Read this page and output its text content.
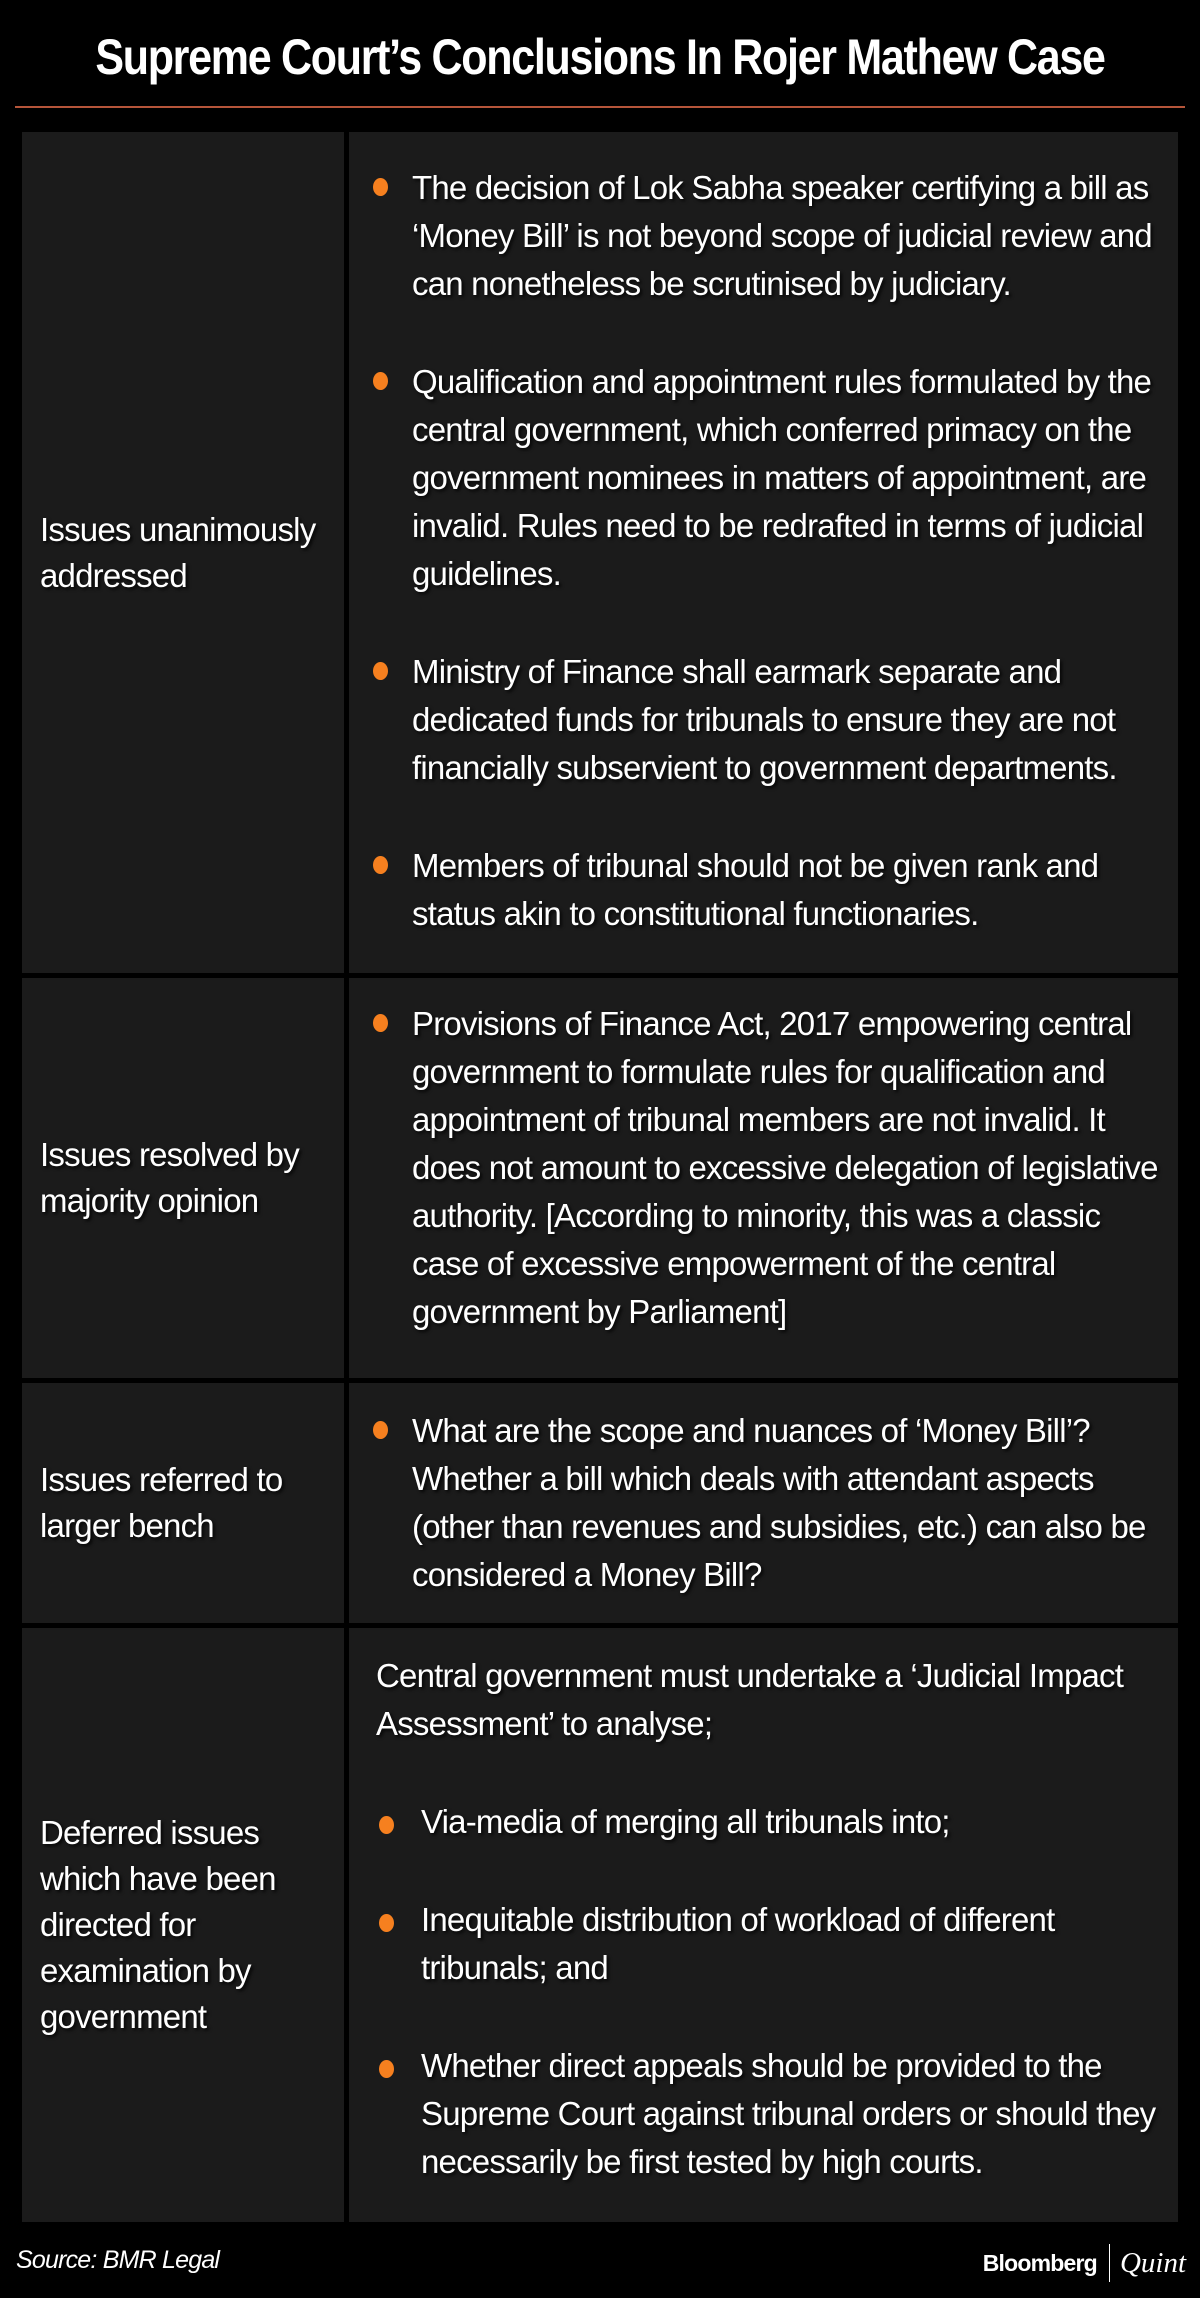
Supreme Court’s Conclusions In Rojer Mathew Case
Issues unanimously addressed
The decision of Lok Sabha speaker certifying a bill as ‘Money Bill’ is not beyond scope of judicial review and can nonetheless be scrutinised by judiciary.
Qualification and appointment rules formulated by the central government, which conferred primacy on the government nominees in matters of appointment, are invalid. Rules need to be redrafted in terms of judicial guidelines.
Ministry of Finance shall earmark separate and dedicated funds for tribunals to ensure they are not financially subservient to government departments.
Members of tribunal should not be given rank and status akin to constitutional functionaries.
Issues resolved by majority opinion
Provisions of Finance Act, 2017 empowering central government to formulate rules for qualification and appointment of tribunal members are not invalid. It does not amount to excessive delegation of legislative authority. [According to minority, this was a classic case of excessive empowerment of the central government by Parliament]
Issues referred to larger bench
What are the scope and nuances of ‘Money Bill’? Whether a bill which deals with attendant aspects (other than revenues and subsidies, etc.) can also be considered a Money Bill?
Deferred issues which have been directed for examination by government

Central government must undertake a ‘Judicial Impact Assessment’ to analyse;

Via-media of merging all tribunals into;
Inequitable distribution of workload of different tribunals; and
Whether direct appeals should be provided to the Supreme Court against tribunal orders or should they necessarily be first tested by high courts.
Source: BMR Legal	Bloomberg Quint
